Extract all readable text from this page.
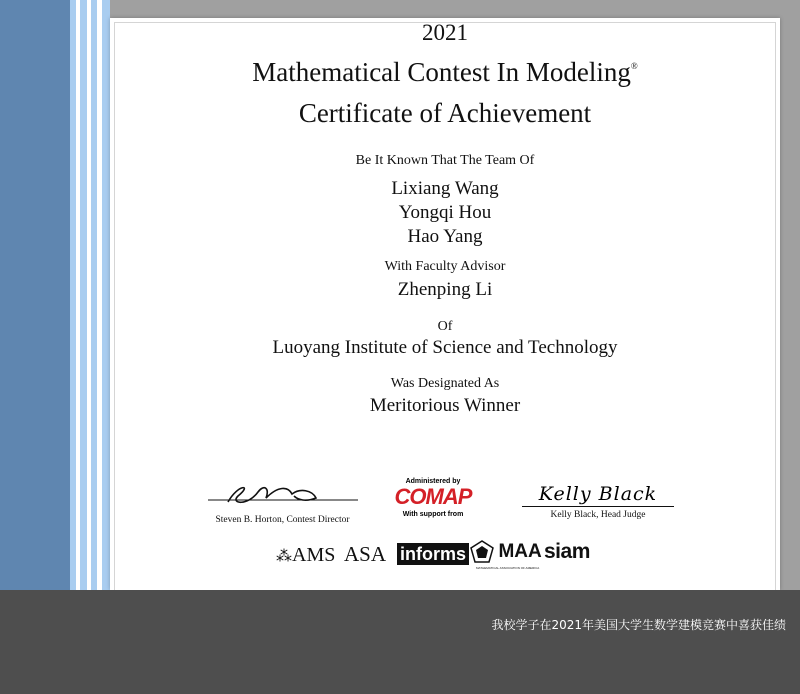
2021
Mathematical Contest In Modeling®
Certificate of Achievement
Be It Known That The Team Of
Lixiang Wang
Yongqi Hou
Hao Yang
With Faculty Advisor
Zhenping Li
Of
Luoyang Institute of Science and Technology
Was Designated As
Meritorious Winner
Steven B. Horton, Contest Director
Administered by
COMAP
With support from
Kelly Black
Kelly Black, Head Judge
⁂AMS ASA informs	MAA
MATHEMATICAL ASSOCIATION OF AMERICA
siam
我校学子在2021年美国大学生数学建模竞赛中喜获佳绩
